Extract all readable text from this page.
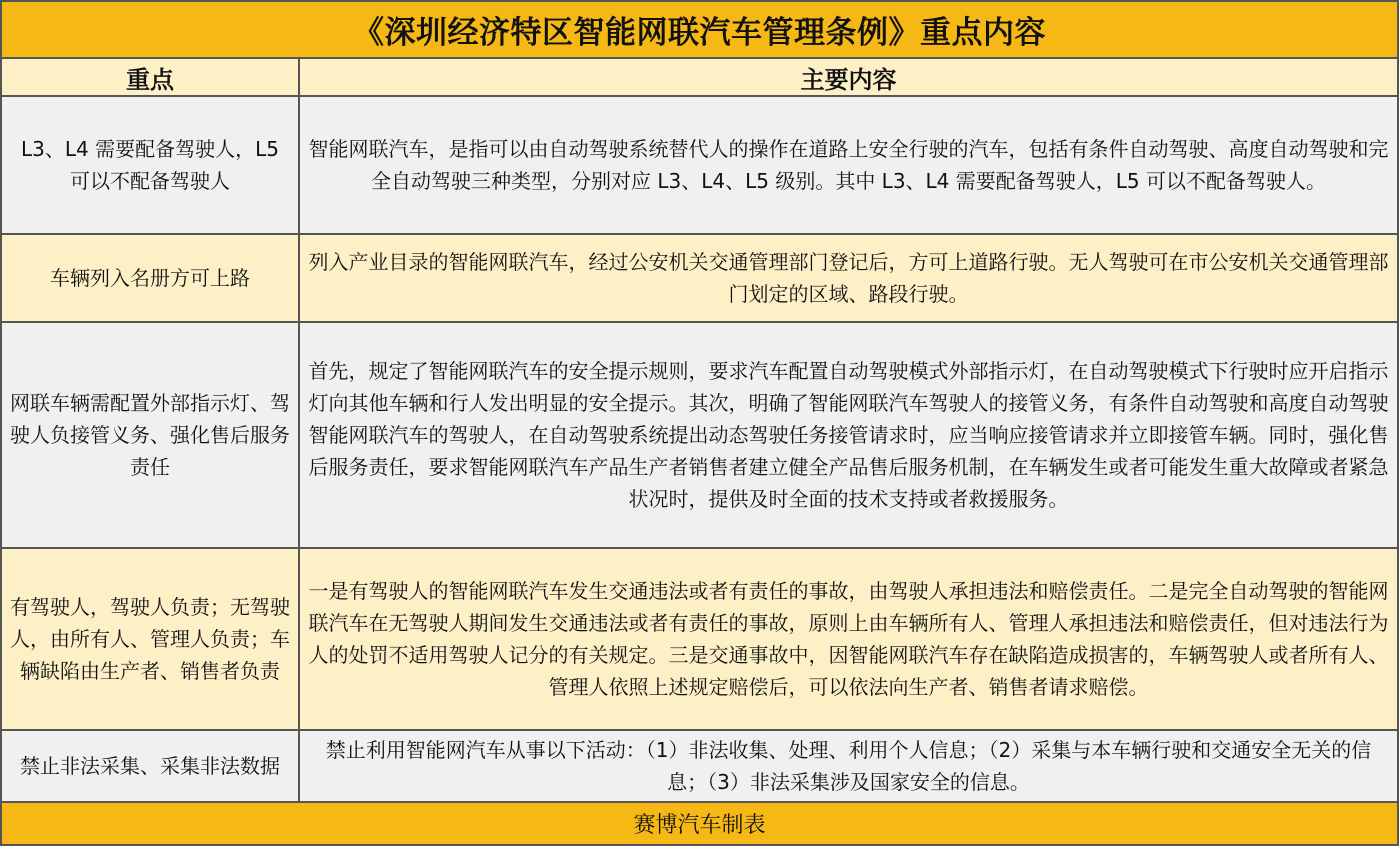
《深圳经济特区智能网联汽车管理条例》重点内容
重点	主要内容
L3、L4 需要配备驾驶人，L5 可以不配备驾驶人
智能网联汽车，是指可以由自动驾驶系统替代人的操作在道路上安全行驶的汽车，包括有条件自动驾驶、高度自动驾驶和完全自动驾驶三种类型，分别对应 L3、L4、L5 级别。其中 L3、L4 需要配备驾驶人，L5 可以不配备驾驶人。
车辆列入名册方可上路
列入产业目录的智能网联汽车，经过公安机关交通管理部门登记后，方可上道路行驶。无人驾驶可在市公安机关交通管理部门划定的区域、路段行驶。
网联车辆需配置外部指示灯、驾驶人负接管义务、强化售后服务责任
首先，规定了智能网联汽车的安全提示规则，要求汽车配置自动驾驶模式外部指示灯，在自动驾驶模式下行驶时应开启指示灯向其他车辆和行人发出明显的安全提示。其次，明确了智能网联汽车驾驶人的接管义务，有条件自动驾驶和高度自动驾驶智能网联汽车的驾驶人，在自动驾驶系统提出动态驾驶任务接管请求时，应当响应接管请求并立即接管车辆。同时，强化售后服务责任，要求智能网联汽车产品生产者销售者建立健全产品售后服务机制，在车辆发生或者可能发生重大故障或者紧急状况时，提供及时全面的技术支持或者救援服务。
有驾驶人，驾驶人负责；无驾驶人，由所有人、管理人负责；车辆缺陷由生产者、销售者负责
一是有驾驶人的智能网联汽车发生交通违法或者有责任的事故，由驾驶人承担违法和赔偿责任。二是完全自动驾驶的智能网联汽车在无驾驶人期间发生交通违法或者有责任的事故，原则上由车辆所有人、管理人承担违法和赔偿责任，但对违法行为人的处罚不适用驾驶人记分的有关规定。三是交通事故中，因智能网联汽车存在缺陷造成损害的，车辆驾驶人或者所有人、管理人依照上述规定赔偿后，可以依法向生产者、销售者请求赔偿。
禁止非法采集、采集非法数据
禁止利用智能网汽车从事以下活动：（1）非法收集、处理、利用个人信息；（2）采集与本车辆行驶和交通安全无关的信息；（3）非法采集涉及国家安全的信息。
赛博汽车制表
